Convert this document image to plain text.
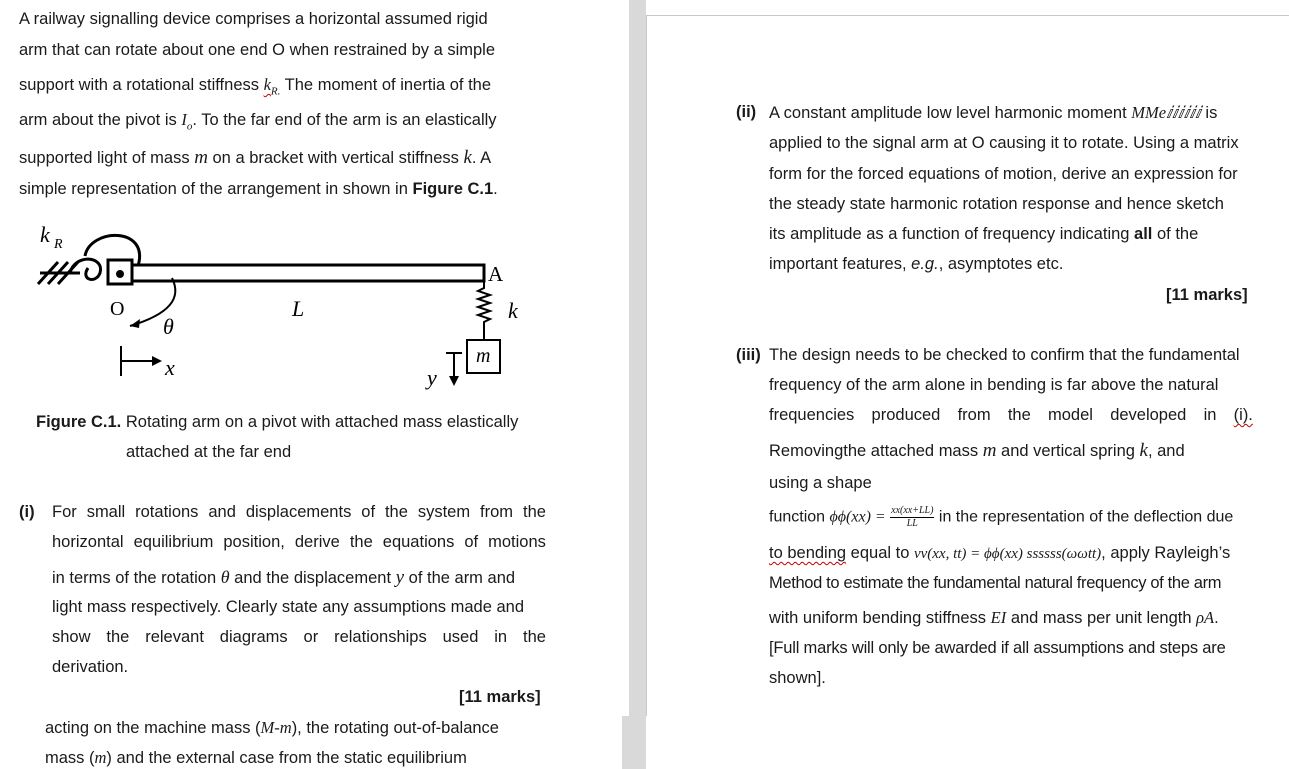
A railway signalling device comprises a horizontal assumed rigid
arm that can rotate about one end O when restrained by a simple
support with a rotational stiffness $k_{R.}$ The moment of inertia of the
arm about the pivot is $I_o$. To the far end of the arm is an elastically
supported light of mass m on a bracket with vertical stiffness k. A
simple representation of the arrangement in shown in Figure C.1.
k R
A
O
θ
L	k
m
y
x
Figure C.1. Rotating arm on a pivot with attached mass elastically
attached at the far end
(i) For small rotations and displacements of the system from the
horizontal equilibrium position, derive the equations of motions
in terms of the rotation θ and the displacement y of the arm and
light mass respectively. Clearly state any assumptions made and
show the relevant diagrams or relationships used in the
derivation.
[11 marks]
acting on the machine mass (M-m), the rotating out-of-balance
mass (m) and the external case from the static equilibrium
(ii) A constant amplitude low level harmonic moment MMeⅈⅈⅈⅈⅈⅈ is
applied to the signal arm at O causing it to rotate. Using a matrix
form for the forced equations of motion, derive an expression for
the steady state harmonic rotation response and hence sketch
its amplitude as a function of frequency indicating all of the
important features, e.g., asymptotes etc.
[11 marks]
(iii) The design needs to be checked to confirm that the fundamental
frequency of the arm alone in bending is far above the natural
frequencies produced from the model developed in (i).
Removingthe attached mass m and vertical spring k, and
using a shape
function $\phi\phi(xx) = \frac{xx(xx+LL)}{LL}$ in the representation of the deflection due
to bending equal to vv(xx, tt) = ϕϕ(xx) ssssss(ωωtt), apply Rayleigh’s
Method to estimate the fundamental natural frequency of the arm
with uniform bending stiffness EI and mass per unit length ρA.
[Full marks will only be awarded if all assumptions and steps are
shown].
